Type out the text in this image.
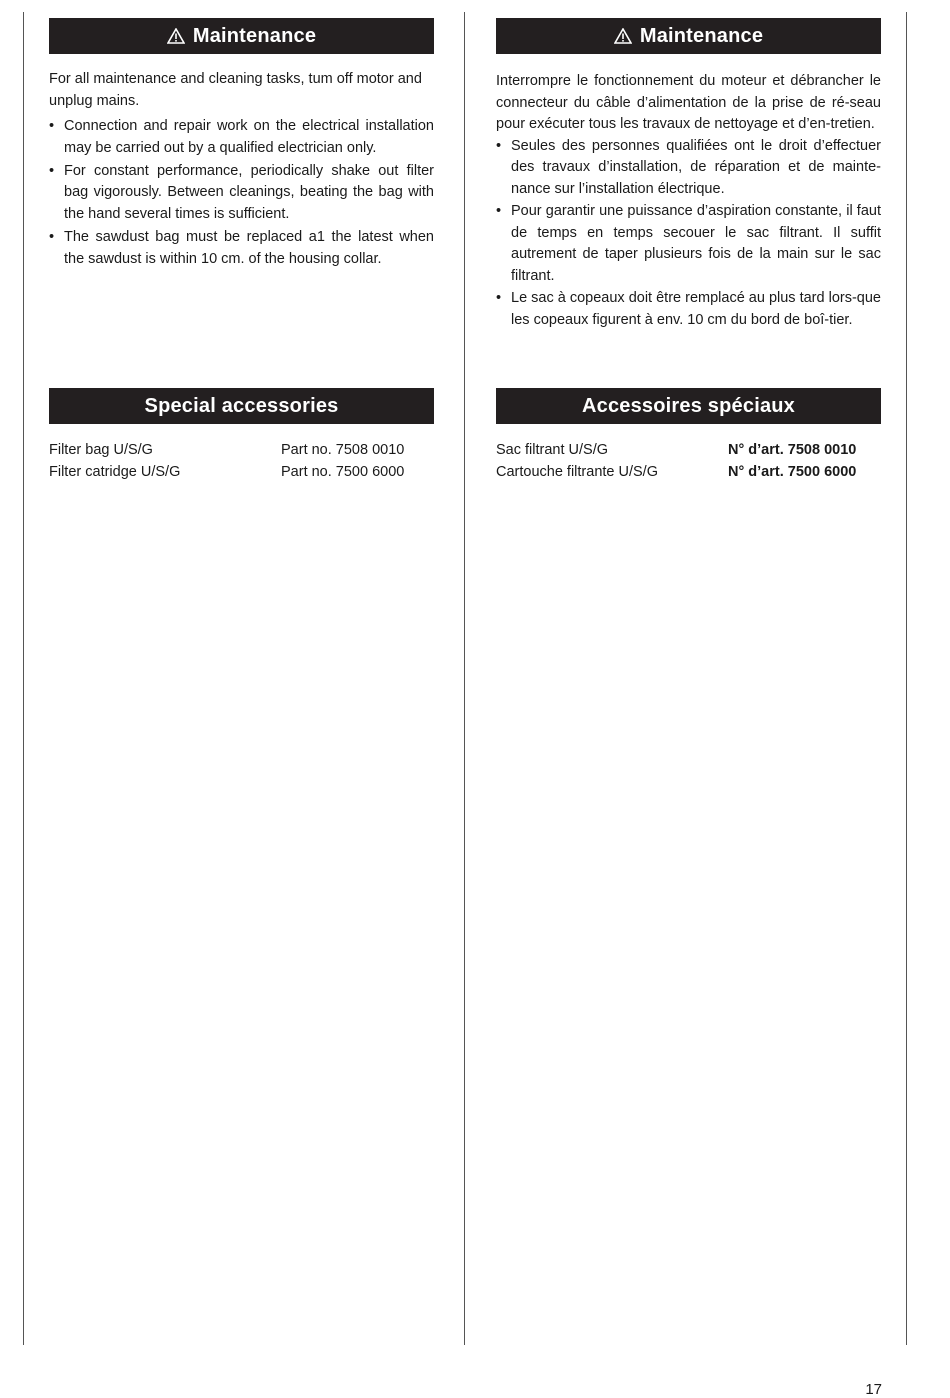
Maintenance
For all maintenance and cleaning tasks, tum off motor and unplug mains.
• Connection and repair work on the electrical installation may be carried out by a qualified electrician only.
• For constant performance, periodically shake out filter bag vigorously. Between cleanings, beating the bag with the hand several times is sufficient.
• The sawdust bag must be replaced a1 the latest when the sawdust is within 10 cm. of the housing collar.
Special accessories
Filter bag U/S/G	Part no. 7508 0010
Filter catridge U/S/G	Part no. 7500 6000
Maintenance
Interrompre le fonctionnement du moteur et débrancher le connecteur du câble d’alimentation de la prise de ré-seau pour exécuter tous les travaux de nettoyage et d’en-tretien.
• Seules des personnes qualifiées ont le droit d’effectuer des travaux d’installation, de réparation et de mainte-nance sur l’installation électrique.
• Pour garantir une puissance d’aspiration constante, il faut de temps en temps secouer le sac filtrant. Il suffit autrement de taper plusieurs fois de la main sur le sac filtrant.
• Le sac à copeaux doit être remplacé au plus tard lors-que les copeaux figurent à env. 10 cm du bord de boî-tier.
Accessoires spéciaux
Sac filtrant U/S/G	N° d’art. 7508 0010
Cartouche filtrante U/S/G	N° d’art. 7500 6000
17
